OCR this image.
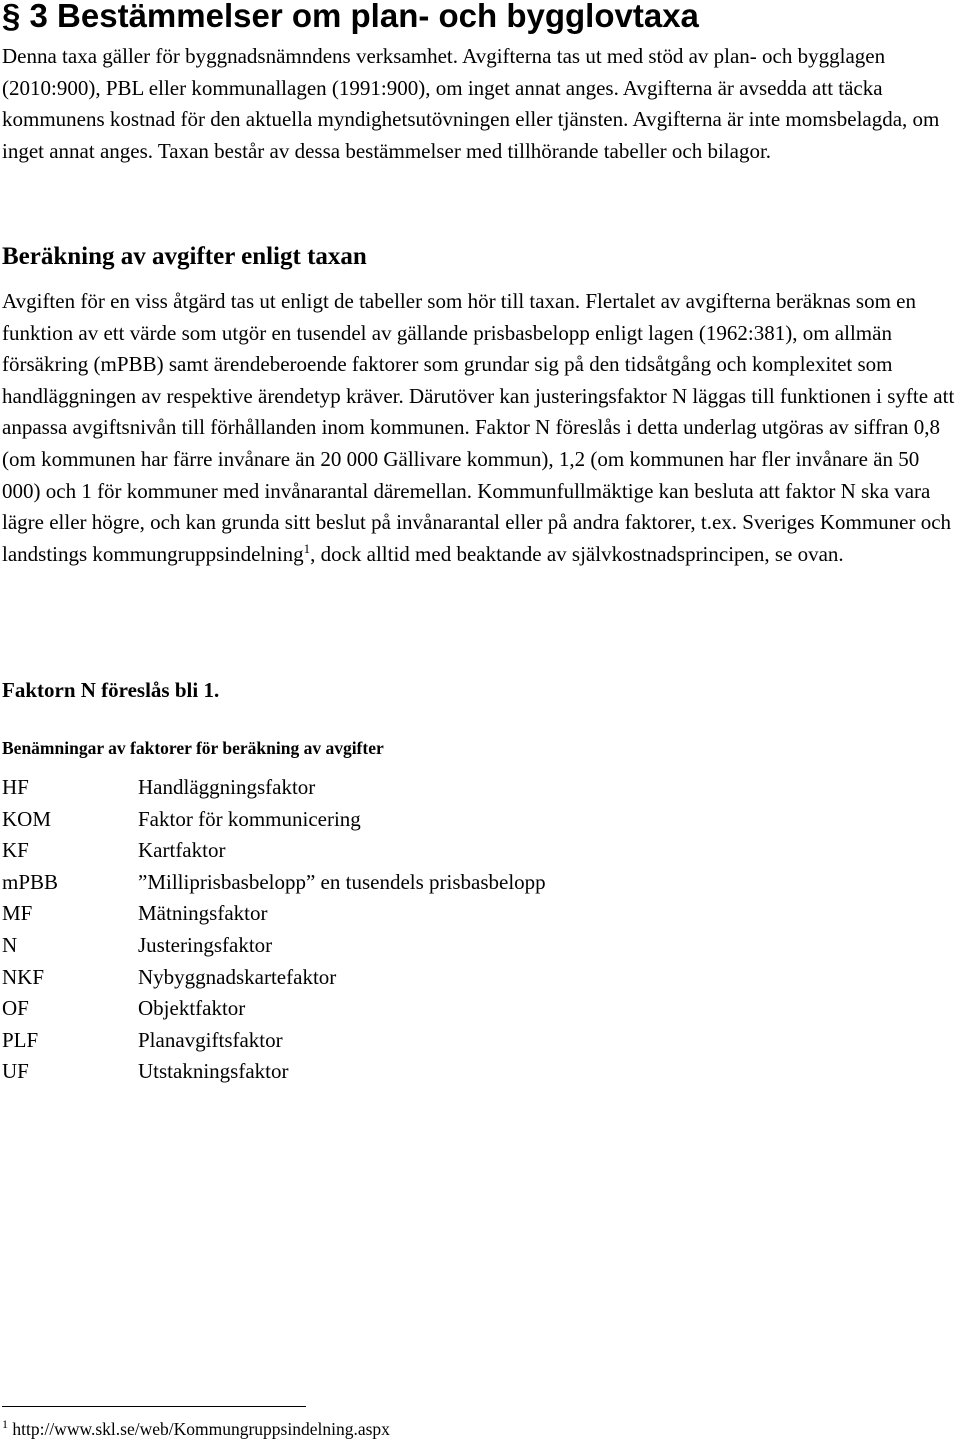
§ 3 Bestämmelser om plan- och bygglovtaxa

Denna taxa gäller för byggnadsnämndens verksamhet. Avgifterna tas ut med stöd av plan- och bygglagen (2010:900), PBL eller kommunallagen (1991:900), om inget annat anges. Avgifterna är avsedda att täcka kommunens kostnad för den aktuella myndighetsutövningen eller tjänsten. Avgifterna är inte momsbelagda, om inget annat anges. Taxan består av dessa bestämmelser med tillhörande tabeller och bilagor.

Beräkning av avgifter enligt taxan

Avgiften för en viss åtgärd tas ut enligt de tabeller som hör till taxan. Flertalet av avgifterna beräknas som en funktion av ett värde som utgör en tusendel av gällande prisbasbelopp enligt lagen (1962:381), om allmän försäkring (mPBB) samt ärendeberoende faktorer som grundar sig på den tidsåtgång och komplexitet som handläggningen av respektive ärendetyp kräver. Därutöver kan justeringsfaktor N läggas till funktionen i syfte att anpassa avgiftsnivån till förhållanden inom kommunen. Faktor N föreslås i detta underlag utgöras av siffran 0,8 (om kommunen har färre invånare än 20 000 Gällivare kommun), 1,2 (om kommunen har fler invånare än 50 000) och 1 för kommuner med invånarantal däremellan. Kommunfullmäktige kan besluta att faktor N ska vara lägre eller högre, och kan grunda sitt beslut på invånarantal eller på andra faktorer, t.ex. Sveriges Kommuner och landstings kommungruppsindelning$^1$, dock alltid med beaktande av självkostnadsprincipen, se ovan.

Faktorn N föreslås bli 1.

Benämningar av faktorer för beräkning av avgifter
HF	Handläggningsfaktor
KOM	Faktor för kommunicering
KF	Kartfaktor
mPBB	”Milliprisbasbelopp” en tusendels prisbasbelopp
MF	Mätningsfaktor
N	Justeringsfaktor
NKF	Nybyggnadskartefaktor
OF	Objektfaktor
PLF	Planavgiftsfaktor
UF	Utstakningsfaktor

$^1$ http://www.skl.se/web/Kommungruppsindelning.aspx
